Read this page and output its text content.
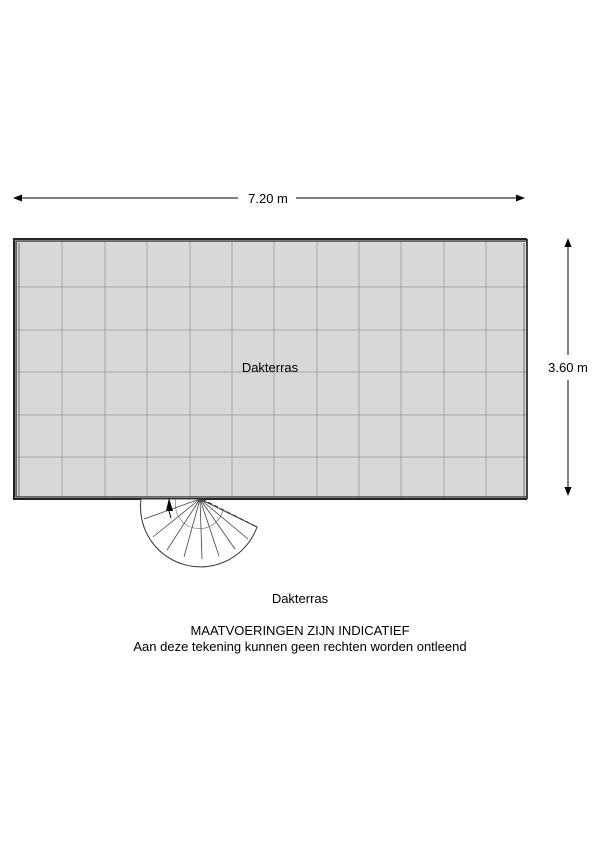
7.20 m
3.60 m
Dakterras
Dakterras
MAATVOERINGEN ZIJN INDICATIEF
Aan deze tekening kunnen geen rechten worden ontleend
